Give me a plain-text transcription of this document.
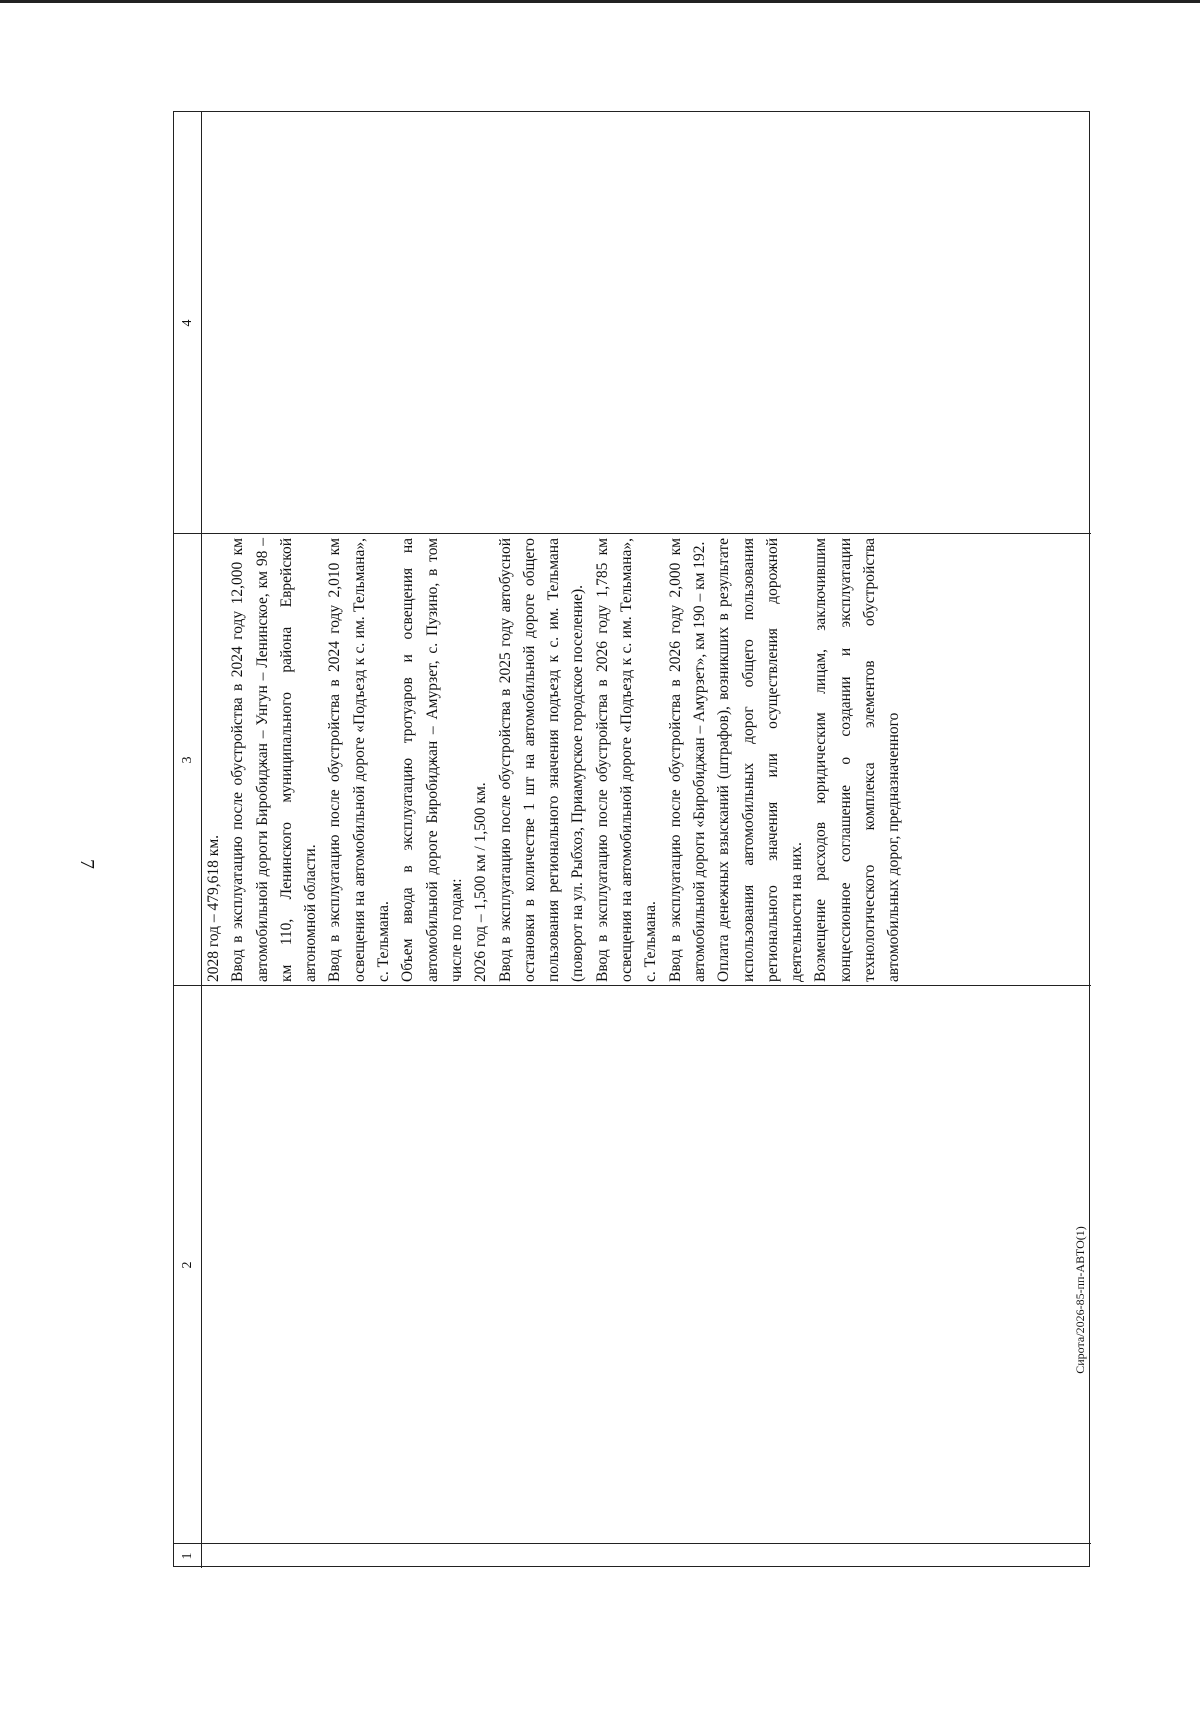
7
Сирота/2026-85-пп-АВТО(1)
1
2
3
4

2028 год – 479,618 км. Ввод в эксплуатацию после обустройства в 2024 году 12,000 км автомобильной дороги Биробиджан – Унгун – Ленинское, км 98 – км 110, Ленинского муниципального района Еврейской автономной области. Ввод в эксплуатацию после обустройства в 2024 году 2,010 км освещения на автомобильной дороге «Подъезд к с. им. Тельмана», с. Тельмана. Объем ввода в эксплуатацию тротуаров и освещения на автомобильной дороге Биробиджан – Амурзет, с. Пузино, в том числе по годам: 2026 год – 1,500 км / 1,500 км. Ввод в эксплуатацию после обустройства в 2025 году автобусной остановки в количестве 1 шт на автомобильной дороге общего пользования регионального значения подъезд к с. им. Тельмана (поворот на ул. Рыбхоз, Приамурское городское поселение). Ввод в эксплуатацию после обустройства в 2026 году 1,785 км освещения на автомобильной дороге «Подъезд к с. им. Тельмана», с. Тельмана. Ввод в эксплуатацию после обустройства в 2026 году 2,000 км автомобильной дороги «Биробиджан – Амурзет», км 190 – км 192. Оплата денежных взысканий (штрафов), возникших в результате использования автомобильных дорог общего пользования регионального значения или осуществления дорожной деятельности на них. Возмещение расходов юридическим лицам, заключившим концессионное соглашение о создании и эксплуатации технологического комплекса элементов обустройства автомобильных дорог, предназначенного
